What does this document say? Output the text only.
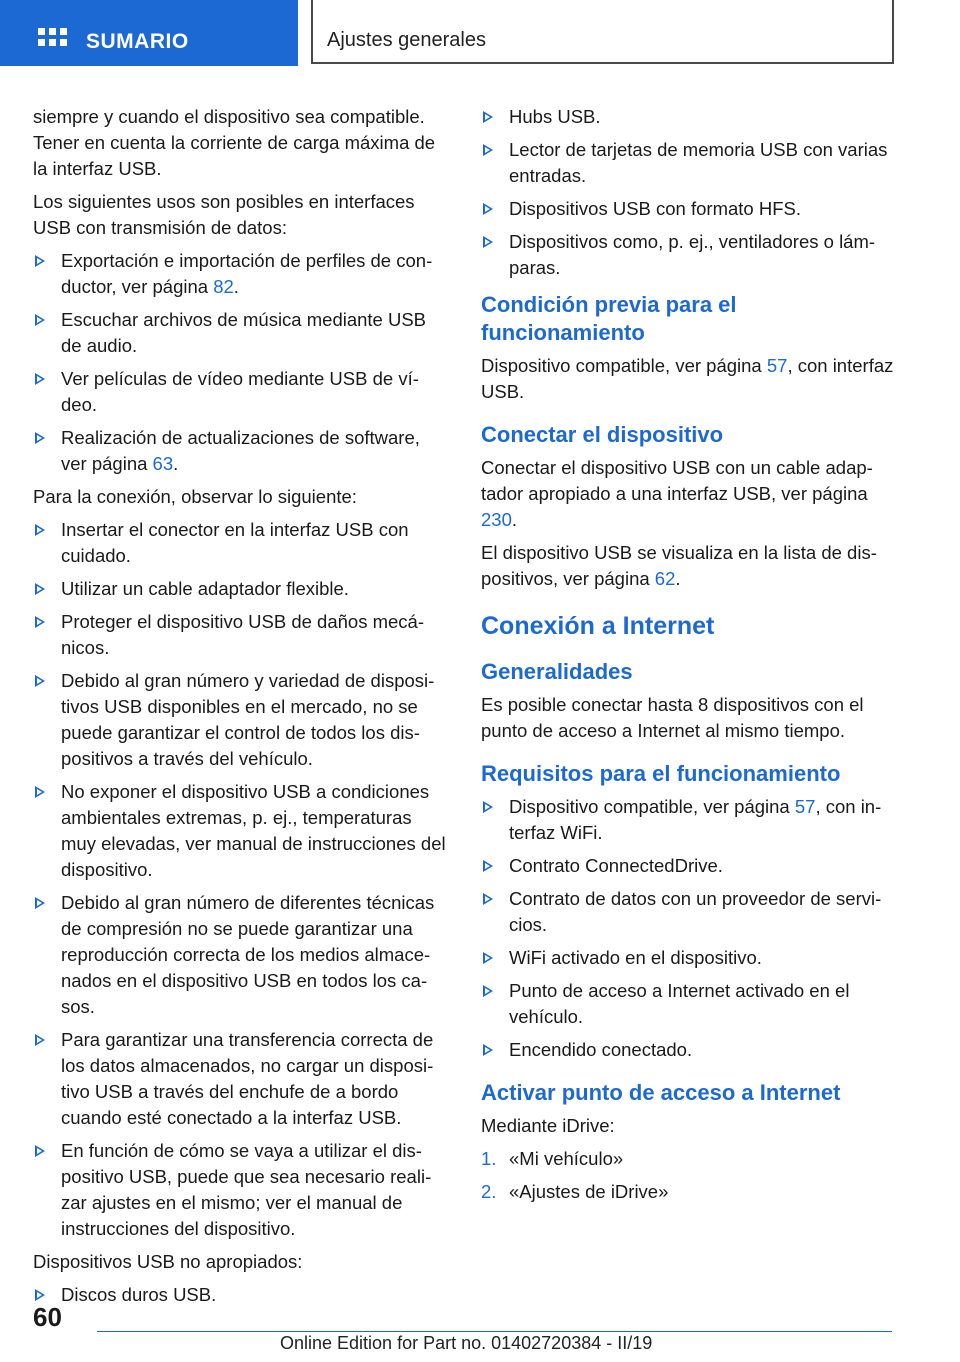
SUMARIO	Ajustes generales

siempre y cuando el dispositivo sea compatible. Tener en cuenta la corriente de carga máxima de la interfaz USB.

Los siguientes usos son posibles en interfaces USB con transmisión de datos:

Exportación e importación de perfiles de conductor, ver página 82.
Escuchar archivos de música mediante USB de audio.
Ver películas de vídeo mediante USB de vídeo.
Realización de actualizaciones de software, ver página 63.

Para la conexión, observar lo siguiente:

Insertar el conector en la interfaz USB con cuidado.
Utilizar un cable adaptador flexible.
Proteger el dispositivo USB de daños mecánicos.
Debido al gran número y variedad de dispositivos USB disponibles en el mercado, no se puede garantizar el control de todos los dispositivos a través del vehículo.
No exponer el dispositivo USB a condiciones ambientales extremas, p. ej., temperaturas muy elevadas, ver manual de instrucciones del dispositivo.
Debido al gran número de diferentes técnicas de compresión no se puede garantizar una reproducción correcta de los medios almacenados en el dispositivo USB en todos los casos.
Para garantizar una transferencia correcta de los datos almacenados, no cargar un dispositivo USB a través del enchufe de a bordo cuando esté conectado a la interfaz USB.
En función de cómo se vaya a utilizar el dispositivo USB, puede que sea necesario realizar ajustes en el mismo; ver el manual de instrucciones del dispositivo.

Dispositivos USB no apropiados:

Discos duros USB.
Hubs USB.
Lector de tarjetas de memoria USB con varias entradas.
Dispositivos USB con formato HFS.
Dispositivos como, p. ej., ventiladores o lámparas.
Condición previa para el funcionamiento

Dispositivo compatible, ver página 57, con interfaz USB.

Conectar el dispositivo

Conectar el dispositivo USB con un cable adaptador apropiado a una interfaz USB, ver página 230.

El dispositivo USB se visualiza en la lista de dispositivos, ver página 62.

Conexión a Internet
Generalidades

Es posible conectar hasta 8 dispositivos con el punto de acceso a Internet al mismo tiempo.

Requisitos para el funcionamiento
Dispositivo compatible, ver página 57, con interfaz WiFi.
Contrato ConnectedDrive.
Contrato de datos con un proveedor de servicios.
WiFi activado en el dispositivo.
Punto de acceso a Internet activado en el vehículo.
Encendido conectado.
Activar punto de acceso a Internet

Mediante iDrive:

1. «Mi vehículo»
2. «Ajustes de iDrive»
60
Online Edition for Part no. 01402720384 - II/19
